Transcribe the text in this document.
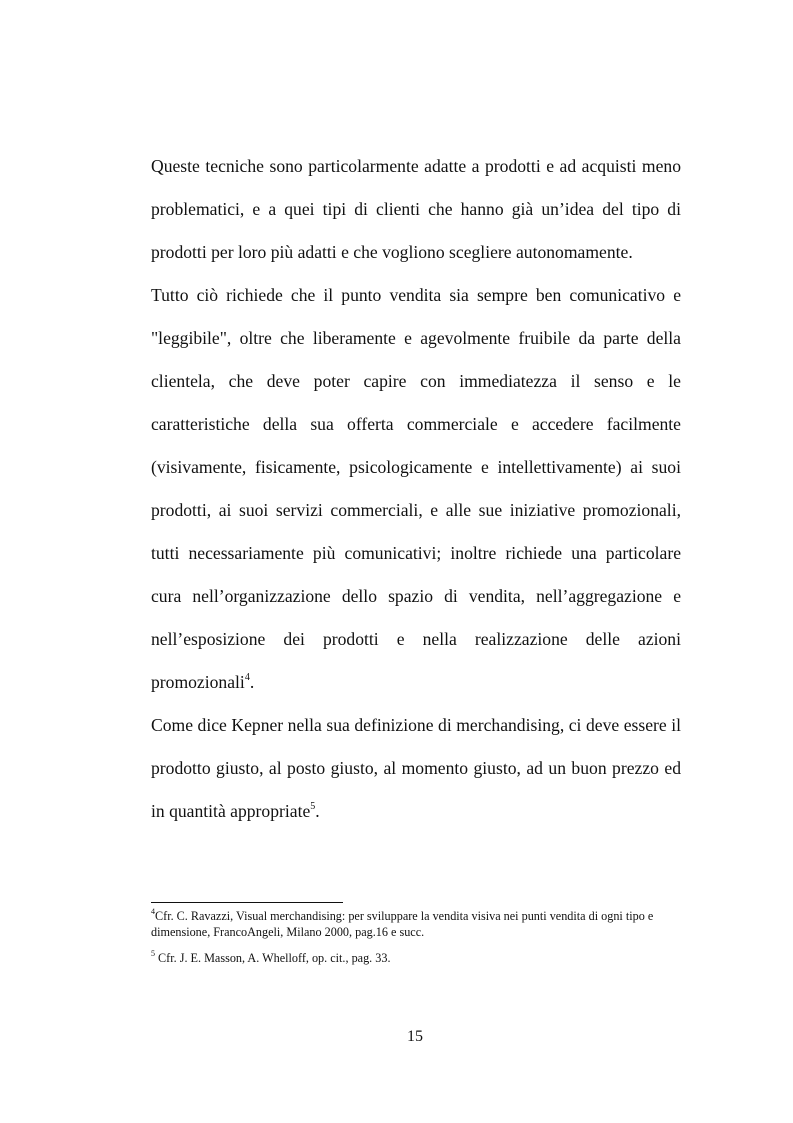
Queste tecniche sono particolarmente adatte a prodotti e ad acquisti meno problematici, e a quei tipi di clienti che hanno già un’idea del tipo di prodotti per loro più adatti e che vogliono scegliere autonomamente.

Tutto ciò richiede che il punto vendita sia sempre ben comunicativo e "leggibile", oltre che liberamente e agevolmente fruibile da parte della clientela, che deve poter capire con immediatezza il senso e le caratteristiche della sua offerta commerciale e accedere facilmente (visivamente, fisicamente, psicologicamente e intellettivamente) ai suoi prodotti, ai suoi servizi commerciali, e alle sue iniziative promozionali, tutti necessariamente più comunicativi; inoltre richiede una particolare cura nell’organizzazione dello spazio di vendita, nell’aggregazione e nell’esposizione dei prodotti e nella realizzazione delle azioni promozionali$^4$.

Come dice Kepner nella sua definizione di merchandising, ci deve essere il prodotto giusto, al posto giusto, al momento giusto, ad un buon prezzo ed in quantità appropriate$^5$.

$^4$Cfr. C. Ravazzi, Visual merchandising: per sviluppare la vendita visiva nei punti vendita di ogni tipo e dimensione, FrancoAngeli, Milano 2000, pag.16 e succ.

$^5$ Cfr. J. E. Masson, A. Whelloff, op. cit., pag. 33.

15
